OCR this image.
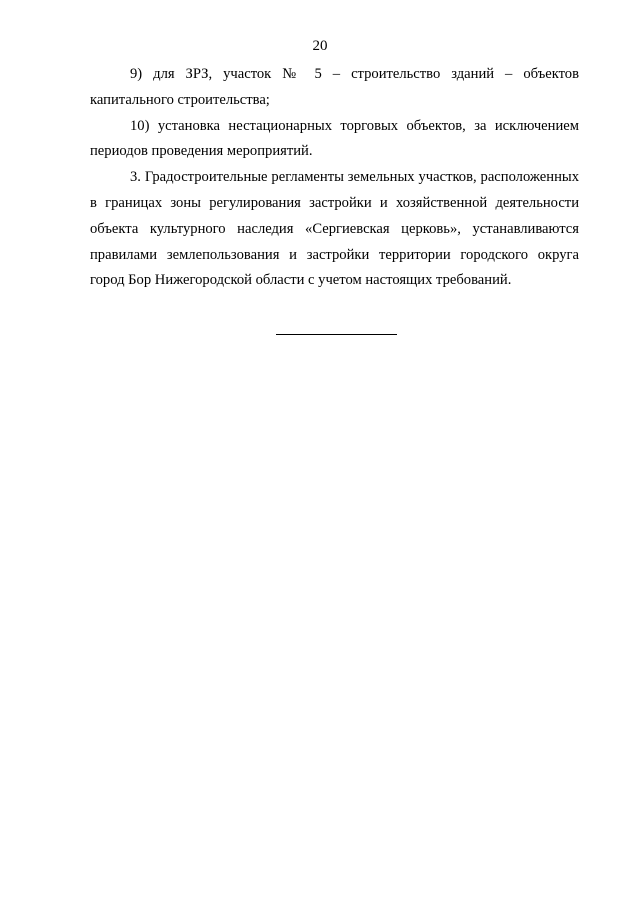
20

9) для ЗРЗ, участок № 5 – строительство зданий – объектов капитального строительства;

10) установка нестационарных торговых объектов, за исключением периодов проведения мероприятий.

3. Градостроительные регламенты земельных участков, расположенных в границах зоны регулирования застройки и хозяйственной деятельности объекта культурного наследия «Сергиевская церковь», устанавливаются правилами землепользования и застройки территории городского округа город Бор Нижегородской области с учетом настоящих требований.
